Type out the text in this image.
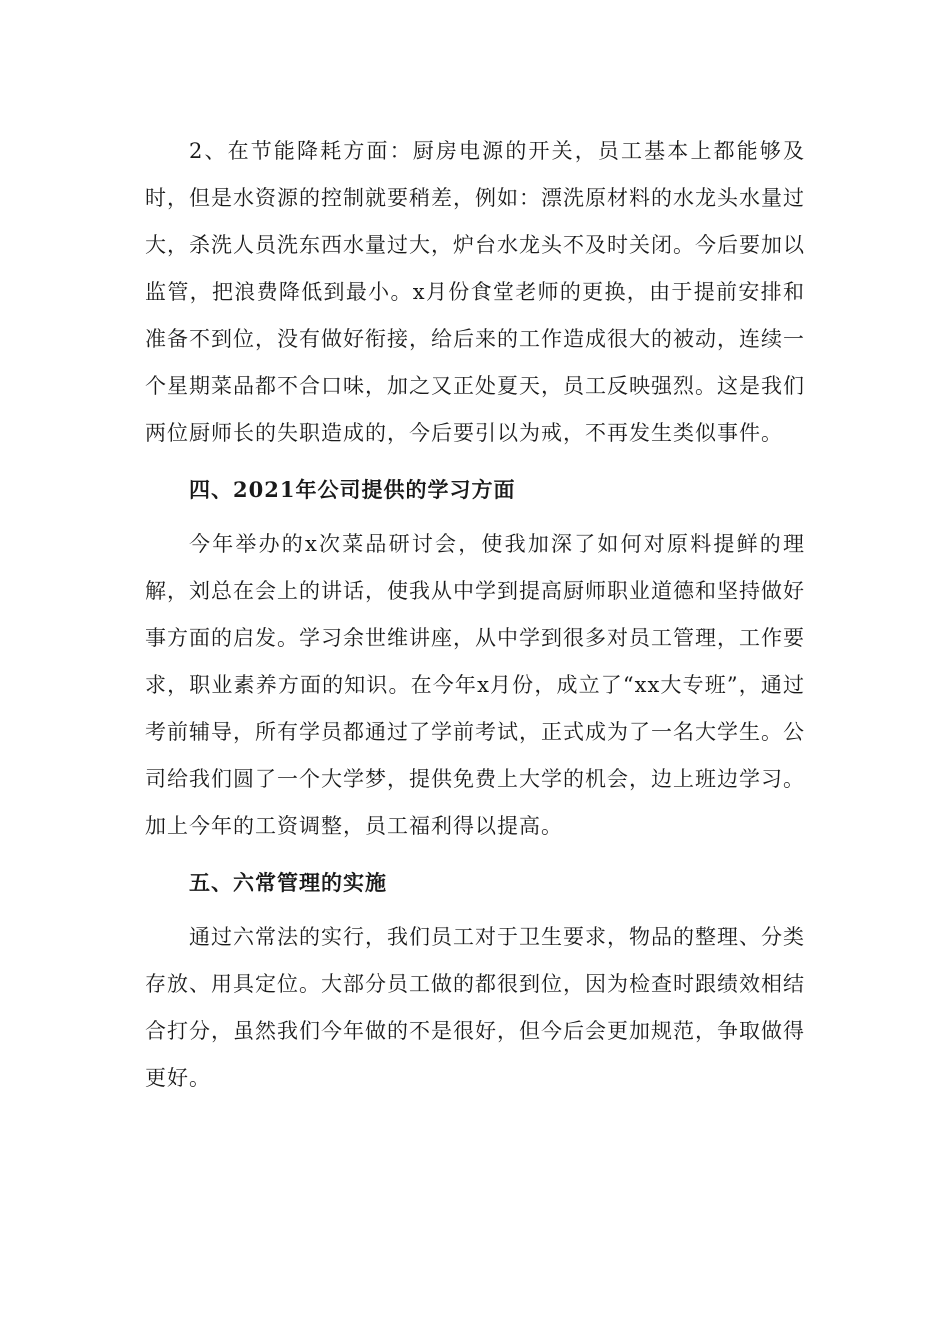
2、在节能降耗方面：厨房电源的开关，员工基本上都能够及时，但是水资源的控制就要稍差，例如：漂洗原材料的水龙头水量过大，杀洗人员洗东西水量过大，炉台水龙头不及时关闭。今后要加以监管，把浪费降低到最小。x月份食堂老师的更换，由于提前安排和准备不到位，没有做好衔接，给后来的工作造成很大的被动，连续一个星期菜品都不合口味，加之又正处夏天，员工反映强烈。这是我们两位厨师长的失职造成的，今后要引以为戒，不再发生类似事件。

四、2021年公司提供的学习方面

今年举办的x次菜品研讨会，使我加深了如何对原料提鲜的理解，刘总在会上的讲话，使我从中学到提高厨师职业道德和坚持做好事方面的启发。学习余世维讲座，从中学到很多对员工管理，工作要求，职业素养方面的知识。在今年x月份，成立了“xx大专班”，通过考前辅导，所有学员都通过了学前考试，正式成为了一名大学生。公司给我们圆了一个大学梦，提供免费上大学的机会，边上班边学习。加上今年的工资调整，员工福利得以提高。

五、六常管理的实施

通过六常法的实行，我们员工对于卫生要求，物品的整理、分类存放、用具定位。大部分员工做的都很到位，因为检查时跟绩效相结合打分，虽然我们今年做的不是很好，但今后会更加规范，争取做得更好。
